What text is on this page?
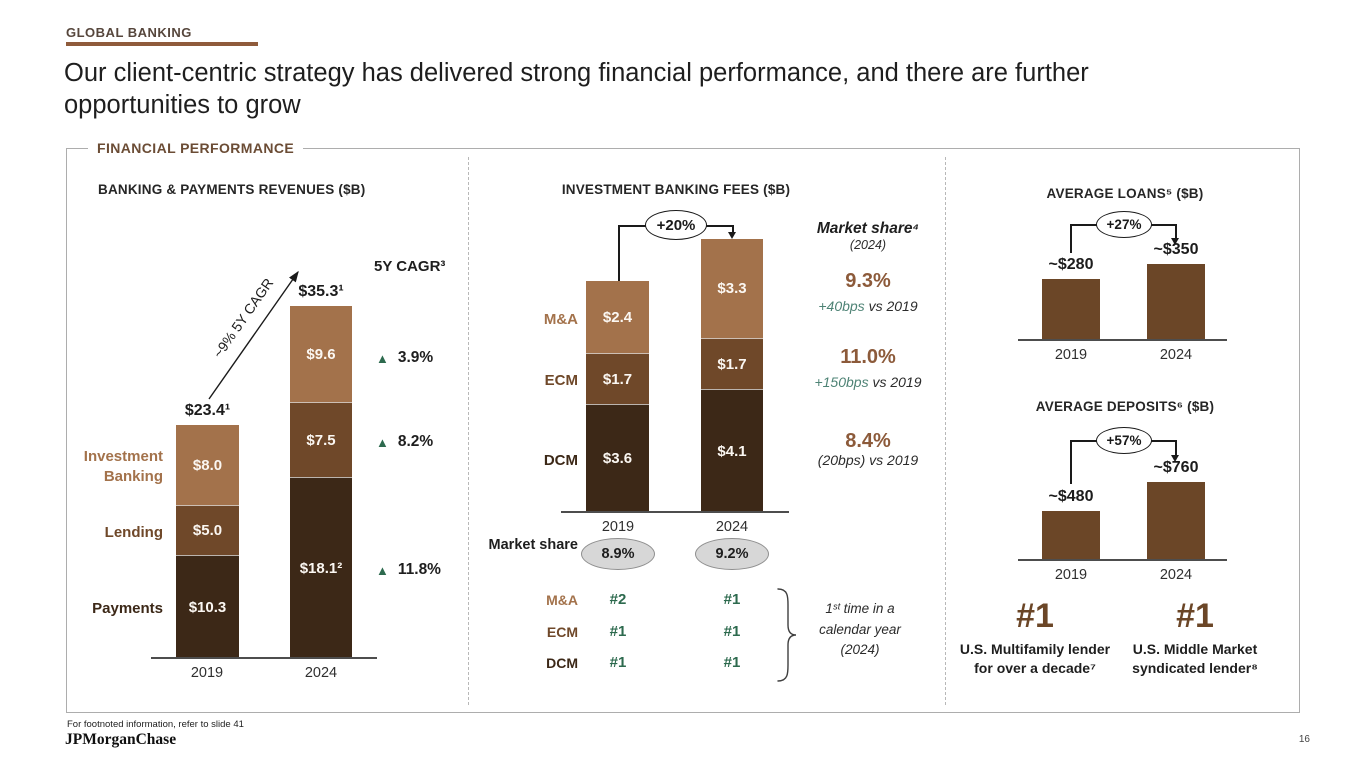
GLOBAL BANKING
Our client-centric strategy has delivered strong financial performance, and there are further opportunities to grow
FINANCIAL PERFORMANCE
BANKING & PAYMENTS REVENUES ($B)
Investment Banking
Lending
Payments
$8.0
$5.0
$10.3
$23.4¹
$9.6
$7.5
$18.1²
$35.3¹
2019	2024
~9% 5Y CAGR
5Y CAGR³
▲ 3.9%
▲ 8.2%
▲ 11.8%
INVESTMENT BANKING FEES ($B)
M&A
ECM
DCM
$2.4
$1.7
$3.6
$3.3
$1.7
$4.1
+20%
2019	2024
Market share
8.9%	9.2%
M&A	#2	#1
ECM	#1	#1
DCM	#1	#1
1ˢᵗ time in a
calendar year
(2024)
Market share⁴
(2024)
9.3%
+40bps vs 2019
11.0%
+150bps vs 2019
8.4%
(20bps) vs 2019
AVERAGE LOANS⁵ ($B)
~$280
~$350
+27%
2019	2024
AVERAGE DEPOSITS⁶ ($B)
~$480
~$760
+57%
2019	2024
#1
U.S. Multifamily lender
for over a decade⁷
#1
U.S. Middle Market
syndicated lender⁸
For footnoted information, refer to slide 41
JPMorganChase	16
